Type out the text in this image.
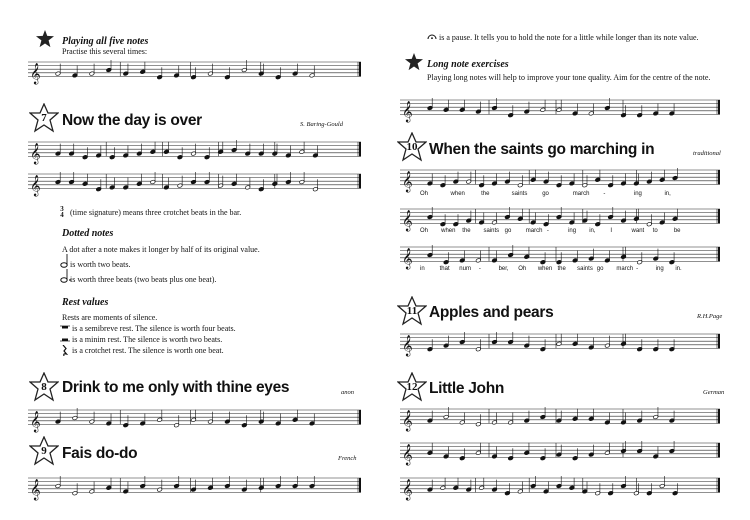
Playing all five notes
Practise this several times:
𝄞
7 Now the day is over	S. Baring-Gould
𝄞
𝄞
3
4 (time signature) means three crotchet beats in the bar.
Dotted notes
A dot after a note makes it longer by half of its original value.
is worth two beats.
is worth three beats (two beats plus one beat).
Rest values
Rests are moments of silence.
is a semibreve rest. The silence is worth four beats.
is a minim rest. The silence is worth two beats.
is a crotchet rest. The silence is worth one beat.
8 Drink to me only with thine eyes	anon
𝄞
9 Fais do-do	French
𝄞
is a pause. It tells you to hold the note for a little while longer than its note value.
Long note exercises
Playing long notes will help to improve your tone quality. Aim for the centre of the note.
𝄞
10 When the saints go marching in	traditional
𝄞
Oh	when	the	saints go	march -	ing	in,
𝄞 Oh when the saints go march -	ing in, I	want to	be
𝄞 in that num -	ber, Oh when the saints go march -	ing in.
11 Apples and pears	R.H.Page
𝄞
12 Little John	German
𝄞
𝄞
𝄞
